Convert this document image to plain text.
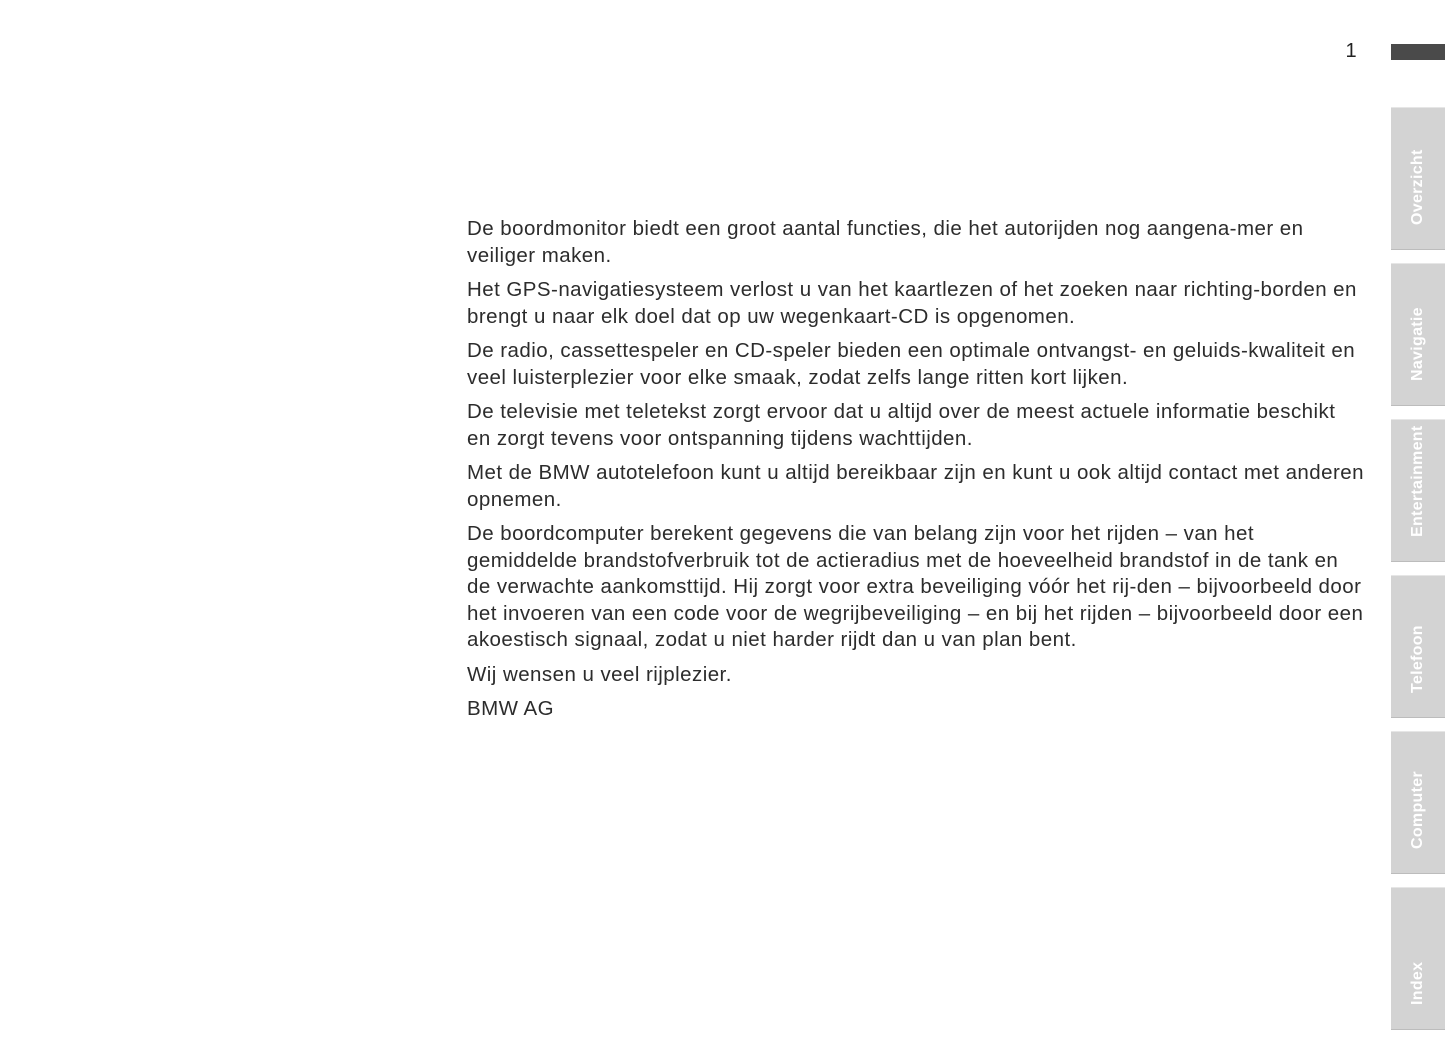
1

De boordmonitor biedt een groot aantal functies, die het autorijden nog aangena-mer en veiliger maken.

Het GPS-navigatiesysteem verlost u van het kaartlezen of het zoeken naar richting-borden en brengt u naar elk doel dat op uw wegenkaart-CD is opgenomen.

De radio, cassettespeler en CD-speler bieden een optimale ontvangst- en geluids-kwaliteit en veel luisterplezier voor elke smaak, zodat zelfs lange ritten kort lijken.

De televisie met teletekst zorgt ervoor dat u altijd over de meest actuele informatie beschikt en zorgt tevens voor ontspanning tijdens wachttijden.

Met de BMW autotelefoon kunt u altijd bereikbaar zijn en kunt u ook altijd contact met anderen opnemen.

De boordcomputer berekent gegevens die van belang zijn voor het rijden – van het gemiddelde brandstofverbruik tot de actieradius met de hoeveelheid brandstof in de tank en de verwachte aankomsttijd. Hij zorgt voor extra beveiliging vóór het rij-den – bijvoorbeeld door het invoeren van een code voor de wegrijbeveiliging – en bij het rijden – bijvoorbeeld door een akoestisch signaal, zodat u niet harder rijdt dan u van plan bent.

Wij wensen u veel rijplezier.

BMW AG

Overzicht
Navigatie
Entertainment
Telefoon
Computer
Index
